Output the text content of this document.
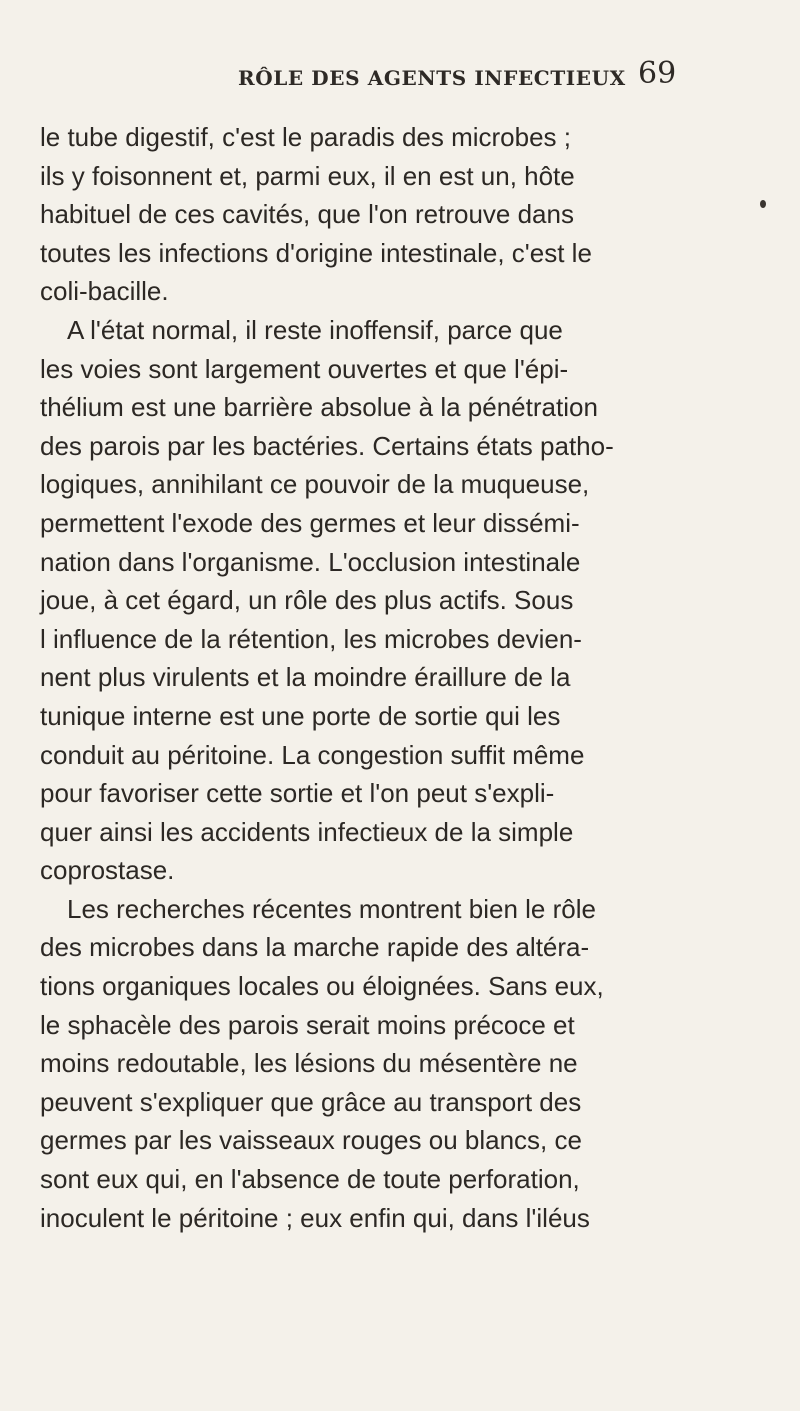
RÔLE DES AGENTS INFECTIEUX 69
le tube digestif, c'est le paradis des microbes ;
ils y foisonnent et, parmi eux, il en est un, hôte
habituel de ces cavités, que l'on retrouve dans
toutes les infections d'origine intestinale, c'est le
coli-bacille.
A l'état normal, il reste inoffensif, parce que
les voies sont largement ouvertes et que l'épi-
thélium est une barrière absolue à la pénétration
des parois par les bactéries. Certains états patho-
logiques, annihilant ce pouvoir de la muqueuse,
permettent l'exode des germes et leur dissémi-
nation dans l'organisme. L'occlusion intestinale
joue, à cet égard, un rôle des plus actifs. Sous
l influence de la rétention, les microbes devien-
nent plus virulents et la moindre éraillure de la
tunique interne est une porte de sortie qui les
conduit au péritoine. La congestion suffit même
pour favoriser cette sortie et l'on peut s'expli-
quer ainsi les accidents infectieux de la simple
coprostase.
Les recherches récentes montrent bien le rôle
des microbes dans la marche rapide des altéra-
tions organiques locales ou éloignées. Sans eux,
le sphacèle des parois serait moins précoce et
moins redoutable, les lésions du mésentère ne
peuvent s'expliquer que grâce au transport des
germes par les vaisseaux rouges ou blancs, ce
sont eux qui, en l'absence de toute perforation,
inoculent le péritoine ; eux enfin qui, dans l'iléus
